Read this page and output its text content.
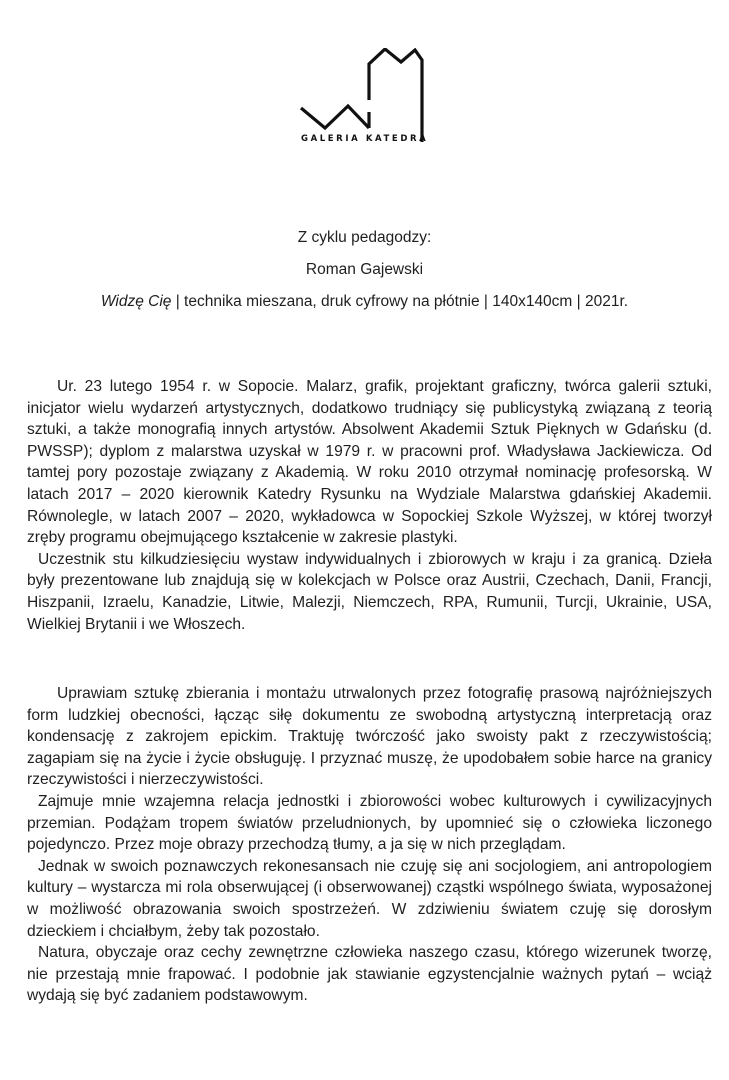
GALERIA KATEDRA
Z cyklu pedagodzy:
Roman Gajewski
Widzę Cię | technika mieszana, druk cyfrowy na płótnie | 140x140cm | 2021r.

Ur. 23 lutego 1954 r. w Sopocie. Malarz, grafik, projektant graficzny, twórca galerii sztuki, inicjator wielu wydarzeń artystycznych, dodatkowo trudniący się publicystyką związaną z teorią sztuki, a także monografią innych artystów. Absolwent Akademii Sztuk Pięknych w Gdańsku (d. PWSSP); dyplom z malarstwa uzyskał w 1979 r. w pracowni prof. Władysława Jackiewicza. Od tamtej pory pozostaje związany z Akademią. W roku 2010 otrzymał nominację profesorską. W latach 2017 – 2020 kierownik Katedry Rysunku na Wydziale Malarstwa gdańskiej Akademii. Równolegle, w latach 2007 – 2020, wykładowca w Sopockiej Szkole Wyższej, w której tworzył zręby programu obejmującego kształcenie w zakresie plastyki.

Uczestnik stu kilkudziesięciu wystaw indywidualnych i zbiorowych w kraju i za granicą. Dzieła były prezentowane lub znajdują się w kolekcjach w Polsce oraz Austrii, Czechach, Danii, Francji, Hiszpanii, Izraelu, Kanadzie, Litwie, Malezji, Niemczech, RPA, Rumunii, Turcji, Ukrainie, USA, Wielkiej Brytanii i we Włoszech.

Uprawiam sztukę zbierania i montażu utrwalonych przez fotografię prasową najróżniejszych form ludzkiej obecności, łącząc siłę dokumentu ze swobodną artystyczną interpretacją oraz kondensację z zakrojem epickim. Traktuję twórczość jako swoisty pakt z rzeczywistością; zagapiam się na życie i życie obsługuję. I przyznać muszę, że upodobałem sobie harce na granicy rzeczywistości i nierzeczywistości.

Zajmuje mnie wzajemna relacja jednostki i zbiorowości wobec kulturowych i cywilizacyjnych przemian. Podążam tropem światów przeludnionych, by upomnieć się o człowieka liczonego pojedynczo. Przez moje obrazy przechodzą tłumy, a ja się w nich przeglądam.

Jednak w swoich poznawczych rekonesansach nie czuję się ani socjologiem, ani antropologiem kultury – wystarcza mi rola obserwującej (i obserwowanej) cząstki wspólnego świata, wyposażonej w możliwość obrazowania swoich spostrzeżeń. W zdziwieniu światem czuję się dorosłym dzieckiem i chciałbym, żeby tak pozostało.

Natura, obyczaje oraz cechy zewnętrzne człowieka naszego czasu, którego wizerunek tworzę, nie przestają mnie frapować. I podobnie jak stawianie egzystencjalnie ważnych pytań – wciąż wydają się być zadaniem podstawowym.
